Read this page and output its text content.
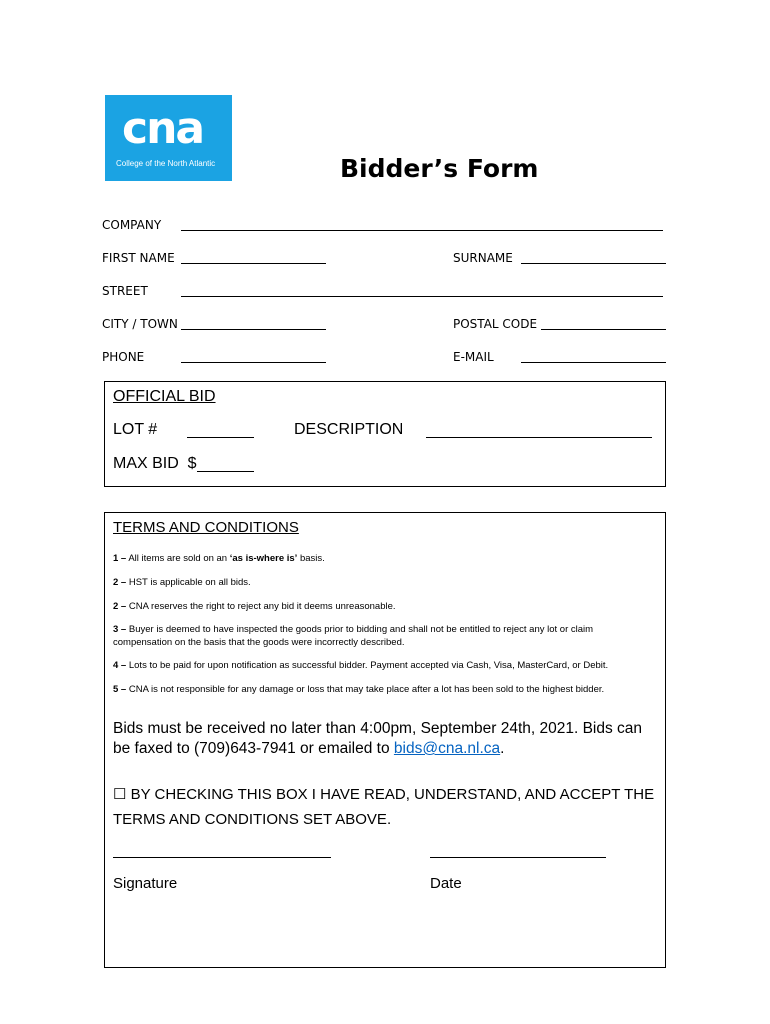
cna
College of the North Atlantic	Bidder’s Form
COMPANY
FIRST NAME	SURNAME
STREET
CITY / TOWN	POSTAL CODE
PHONE	E-MAIL
OFFICIAL BID
LOT #	DESCRIPTION
MAX BID  $
TERMS AND CONDITIONS
1 – All items are sold on an ‘as is-where is’ basis.
2 – HST is applicable on all bids.
2 – CNA reserves the right to reject any bid it deems unreasonable.
3 – Buyer is deemed to have inspected the goods prior to bidding and shall not be entitled to reject any lot or claim compensation on the basis that the goods were incorrectly described.
4 – Lots to be paid for upon notification as successful bidder. Payment accepted via Cash, Visa, MasterCard, or Debit.
5 – CNA is not responsible for any damage or loss that may take place after a lot has been sold to the highest bidder.
Bids must be received no later than 4:00pm, September 24th, 2021. Bids can be faxed to (709)643-7941 or emailed to bids@cna.nl.ca.
☐ BY CHECKING THIS BOX I HAVE READ, UNDERSTAND, AND ACCEPT THE TERMS AND CONDITIONS SET ABOVE.
Signature	Date
